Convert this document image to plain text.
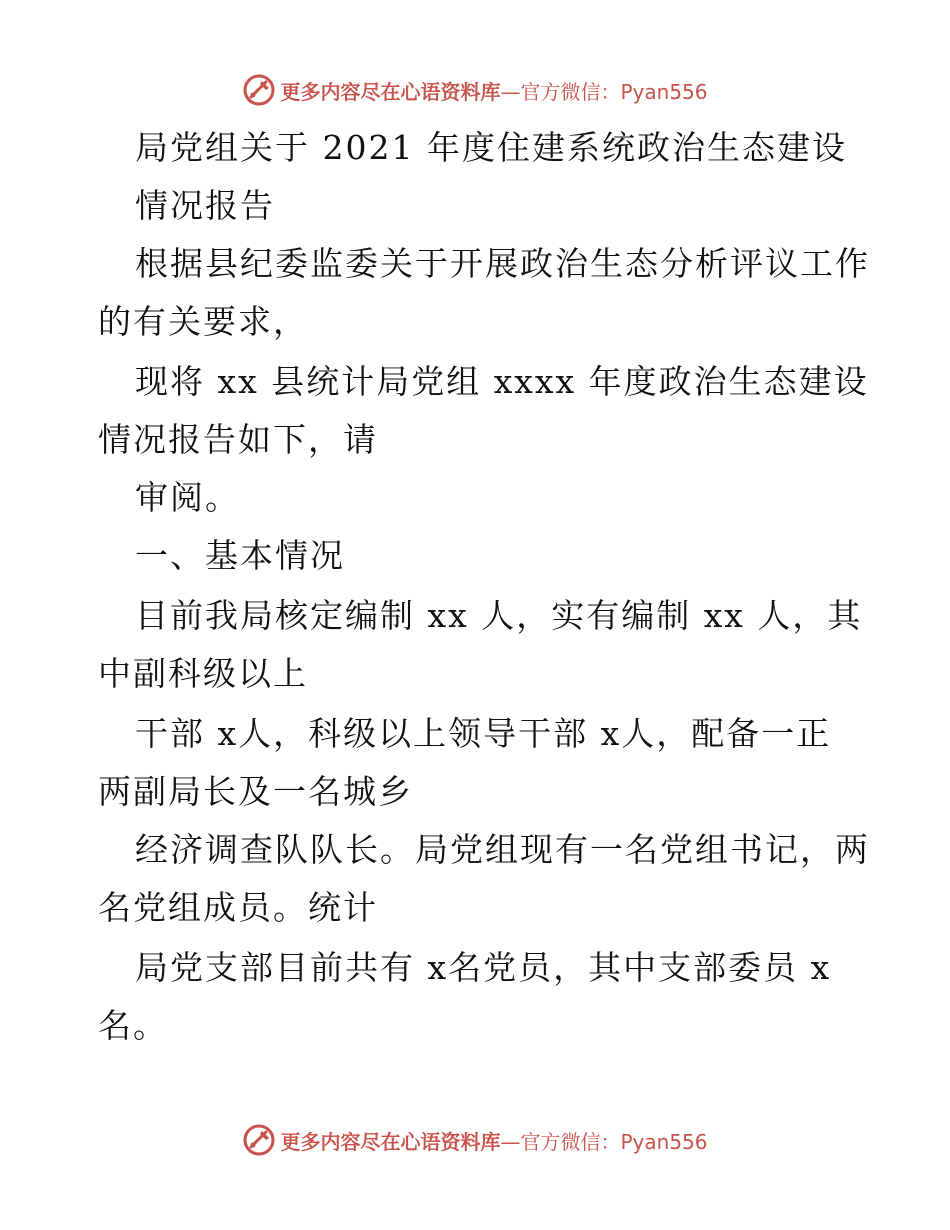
更多内容尽在心语资料库—官方微信：Pyan556
局党组关于 2021 年度住建系统政治生态建设
情况报告
根据县纪委监委关于开展政治生态分析评议工作
的有关要求，
现将 xx 县统计局党组 xxxx 年度政治生态建设
情况报告如下，请
审阅。
一、基本情况
目前我局核定编制 xx 人，实有编制 xx 人，其
中副科级以上
干部 x人，科级以上领导干部 x人，配备一正
两副局长及一名城乡
经济调查队队长。局党组现有一名党组书记，两
名党组成员。统计
局党支部目前共有 x名党员，其中支部委员 x
名。
更多内容尽在心语资料库—官方微信：Pyan556
